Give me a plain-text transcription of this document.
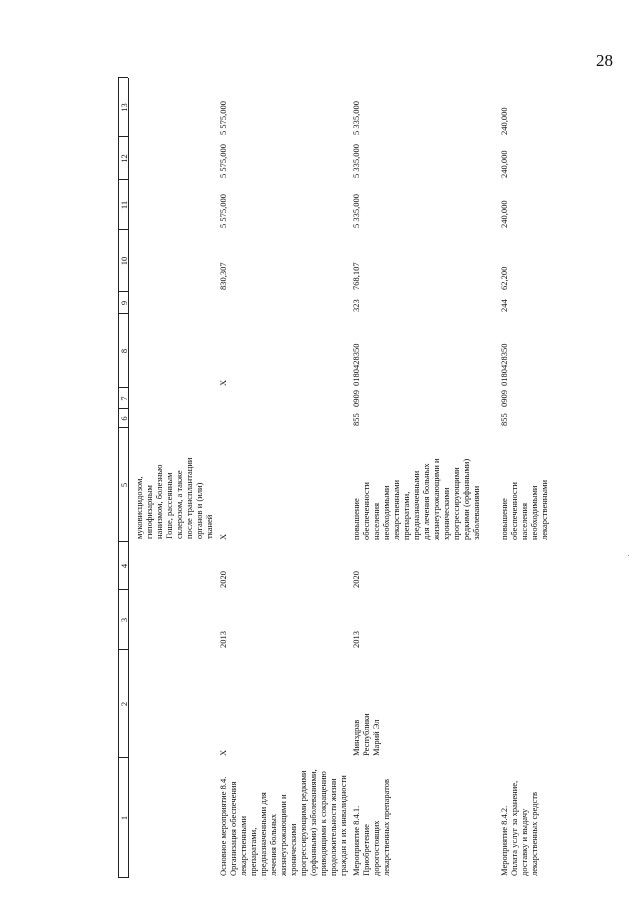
28
1
2
3
4
5
6
7
8
9
10
11
12
13
муковисцидозом, гипофизарным нанизмом, болезнью Гоше, рассеянным склерозом, а также после трансплантации органов и (или) тканей
Основное мероприятие 8.4. Организация обеспечения лекарственными препаратами, предназначенными для лечения больных жизнеугрожающими и хроническими прогрессирующими редкими (орфанными) заболеваниями, приводящими к сокращению продолжительности жизни граждан и их инвалидности
X
2013
2020
X
X
830,307
5 575,000
5 575,000
5 575,000
Мероприятие 8.4.1. Приобретение дорогостоящих лекарственных препаратов
Минздрав Республики Марий Эл
2013
2020
повышение обеспеченности населения необходимыми лекарственными препаратами, предназначенными для лечения больных жизнеугрожающими и хроническими прогрессирующими редкими (орфанными) заболеваниями
855
0909
0180428350
323
768,107
5 335,000
5 335,000
5 335,000
Мероприятие 8.4.2. Оплата услуг за хранение, доставку и выдачу лекарственных средств
повышение обеспеченности населения необходимыми лекарственными
855
0909
0180428350
244
62,200
240,000
240,000
240,000
